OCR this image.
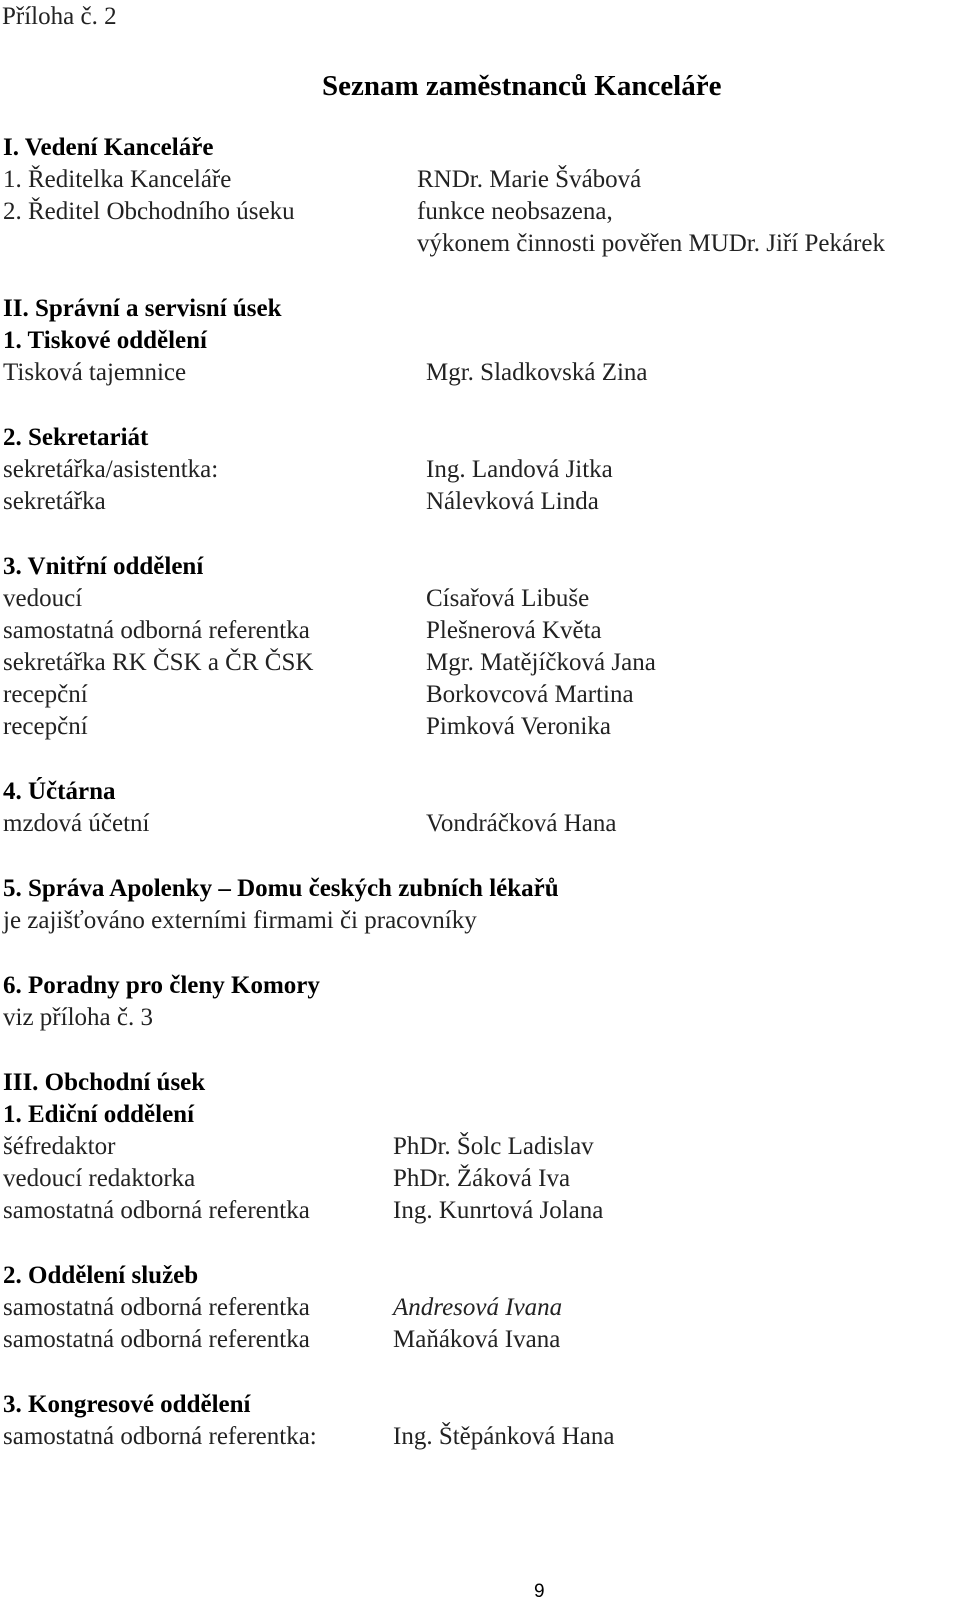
Příloha č. 2
Seznam zaměstnanců Kanceláře
I. Vedení Kanceláře
1. Ředitelka Kanceláře	RNDr. Marie Švábová
2. Ředitel Obchodního úseku	funkce neobsazena,
výkonem činnosti pověřen MUDr. Jiří Pekárek
II. Správní a servisní úsek
1. Tiskové oddělení
Tisková tajemnice	Mgr. Sladkovská Zina
2. Sekretariát
sekretářka/asistentka:	Ing. Landová Jitka
sekretářka	Nálevková Linda
3. Vnitřní oddělení
vedoucí	Císařová Libuše
samostatná odborná referentka	Plešnerová Květa
sekretářka RK ČSK a ČR ČSK	Mgr. Matějíčková Jana
recepční	Borkovcová Martina
recepční	Pimková Veronika
4. Účtárna
mzdová účetní	Vondráčková Hana
5. Správa Apolenky – Domu českých zubních lékařů
je zajišťováno externími firmami či pracovníky
6. Poradny pro členy Komory
viz příloha č. 3
III. Obchodní úsek
1. Ediční oddělení
šéfredaktor	PhDr. Šolc Ladislav
vedoucí redaktorka	PhDr. Žáková Iva
samostatná odborná referentka	Ing. Kunrtová Jolana
2. Oddělení služeb
samostatná odborná referentka	Andresová Ivana
samostatná odborná referentka	Maňáková Ivana
3. Kongresové oddělení
samostatná odborná referentka:	Ing. Štěpánková Hana
9
